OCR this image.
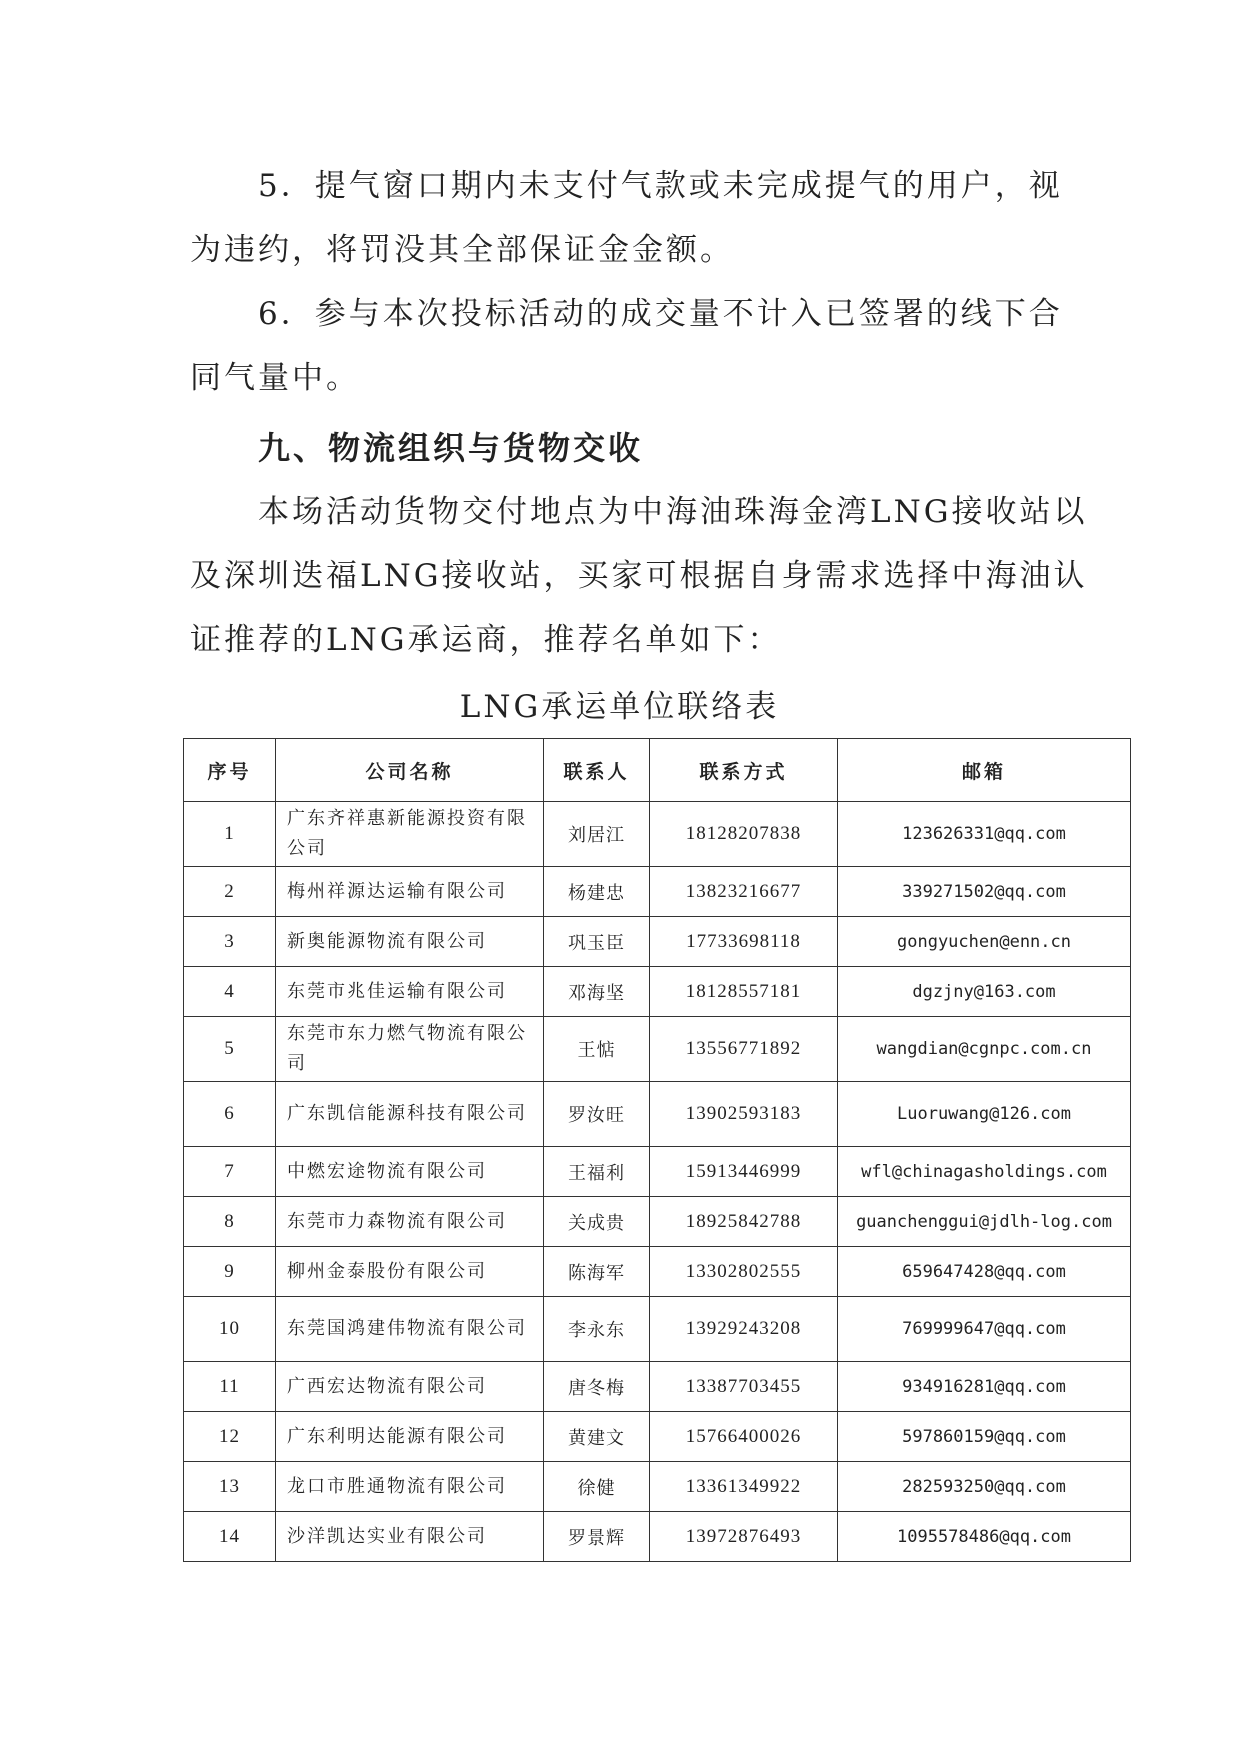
5．提气窗口期内未支付气款或未完成提气的用户，视为违约，将罚没其全部保证金金额。

6．参与本次投标活动的成交量不计入已签署的线下合同气量中。

九、物流组织与货物交收

本场活动货物交付地点为中海油珠海金湾LNG接收站以及深圳迭福LNG接收站，买家可根据自身需求选择中海油认证推荐的LNG承运商，推荐名单如下：

LNG承运单位联络表

序号	公司名称	联系人	联系方式	邮箱
1	广东齐祥惠新能源投资有限公司	刘居江	18128207838	123626331@qq.com
2	梅州祥源达运输有限公司	杨建忠	13823216677	339271502@qq.com
3	新奥能源物流有限公司	巩玉臣	17733698118	gongyuchen@enn.cn
4	东莞市兆佳运输有限公司	邓海坚	18128557181	dgzjny@163.com
5	东莞市东力燃气物流有限公司	王惦	13556771892	wangdian@cgnpc.com.cn
6	广东凯信能源科技有限公司	罗汝旺	13902593183	Luoruwang@126.com
7	中燃宏途物流有限公司	王福利	15913446999	wfl@chinagasholdings.com
8	东莞市力森物流有限公司	关成贵	18925842788	guanchenggui@jdlh-log.com
9	柳州金泰股份有限公司	陈海军	13302802555	659647428@qq.com
10	东莞国鸿建伟物流有限公司	李永东	13929243208	769999647@qq.com
11	广西宏达物流有限公司	唐冬梅	13387703455	934916281@qq.com
12	广东利明达能源有限公司	黄建文	15766400026	597860159@qq.com
13	龙口市胜通物流有限公司	徐健	13361349922	282593250@qq.com
14	沙洋凯达实业有限公司	罗景辉	13972876493	1095578486@qq.com
